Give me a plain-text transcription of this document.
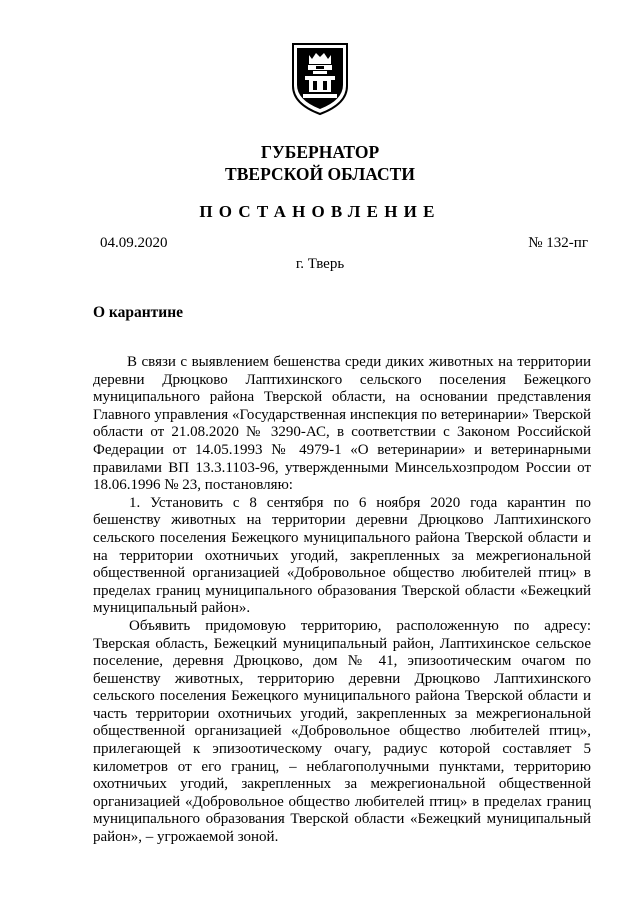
ГУБЕРНАТОР
ТВЕРСКОЙ ОБЛАСТИ
ПОСТАНОВЛЕНИЕ
04.09.2020	№ 132-пг
г. Тверь
О карантине

В связи с выявлением бешенства среди диких животных на территории деревни Дрюцково Лаптихинского сельского поселения Бежецкого муниципального района Тверской области, на основании представления Главного управления «Государственная инспекция по ветеринарии» Тверской области от 21.08.2020 № 3290-АС, в соответствии с Законом Российской Федерации от 14.05.1993 № 4979-1 «О ветеринарии» и ветеринарными правилами ВП 13.3.1103-96, утвержденными Минсельхозпродом России от 18.06.1996 № 23, постановляю:

1. Установить с 8 сентября по 6 ноября 2020 года карантин по бешенству животных на территории деревни Дрюцково Лаптихинского сельского поселения Бежецкого муниципального района Тверской области и на территории охотничьих угодий, закрепленных за межрегиональной общественной организацией «Добровольное общество любителей птиц» в пределах границ муниципального образования Тверской области «Бежецкий муниципальный район».

Объявить придомовую территорию, расположенную по адресу: Тверская область, Бежецкий муниципальный район, Лаптихинское сельское поселение, деревня Дрюцково, дом № 41, эпизоотическим очагом по бешенству животных, территорию деревни Дрюцково Лаптихинского сельского поселения Бежецкого муниципального района Тверской области и часть территории охотничьих угодий, закрепленных за межрегиональной общественной организацией «Добровольное общество любителей птиц», прилегающей к эпизоотическому очагу, радиус которой составляет 5 километров от его границ, – неблагополучными пунктами, территорию охотничьих угодий, закрепленных за межрегиональной общественной организацией «Добровольное общество любителей птиц» в пределах границ муниципального образования Тверской области «Бежецкий муниципальный район», – угрожаемой зоной.
